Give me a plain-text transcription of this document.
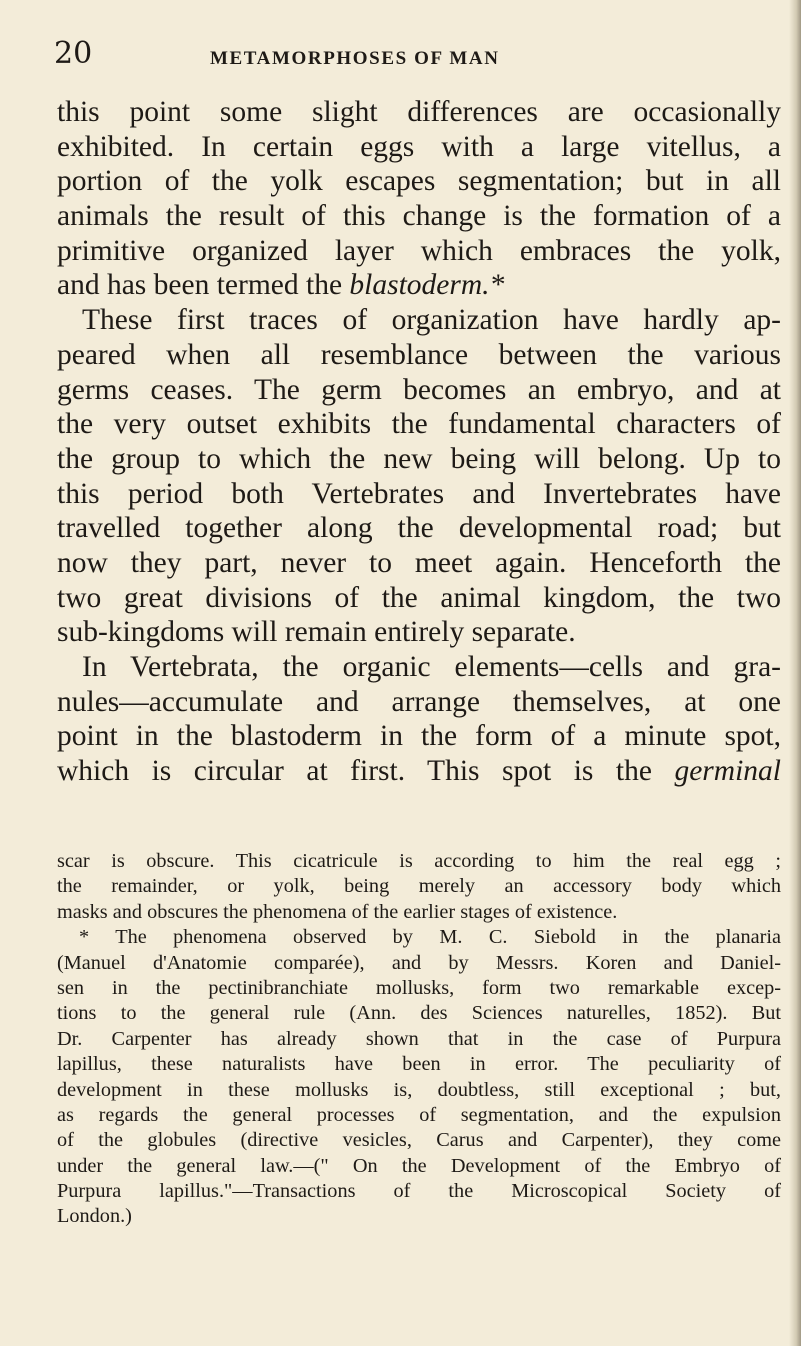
20	METAMORPHOSES OF MAN
this point some slight differences are occasionally
exhibited. In certain eggs with a large vitellus, a
portion of the yolk escapes segmentation; but in all
animals the result of this change is the formation of a
primitive organized layer which embraces the yolk,
and has been termed the blastoderm.*
These first traces of organization have hardly ap-
peared when all resemblance between the various
germs ceases. The germ becomes an embryo, and at
the very outset exhibits the fundamental characters of
the group to which the new being will belong. Up to
this period both Vertebrates and Invertebrates have
travelled together along the developmental road; but
now they part, never to meet again. Henceforth the
two great divisions of the animal kingdom, the two
sub-kingdoms will remain entirely separate.
In Vertebrata, the organic elements—cells and gra-
nules—accumulate and arrange themselves, at one
point in the blastoderm in the form of a minute spot,
which is circular at first. This spot is the germinal
scar is obscure. This cicatricule is according to him the real egg ;
the remainder, or yolk, being merely an accessory body which
masks and obscures the phenomena of the earlier stages of existence.
* The phenomena observed by M. C. Siebold in the planaria
(Manuel d'Anatomie comparée), and by Messrs. Koren and Daniel-
sen in the pectinibranchiate mollusks, form two remarkable excep-
tions to the general rule (Ann. des Sciences naturelles, 1852). But
Dr. Carpenter has already shown that in the case of Purpura
lapillus, these naturalists have been in error. The peculiarity of
development in these mollusks is, doubtless, still exceptional ; but,
as regards the general processes of segmentation, and the expulsion
of the globules (directive vesicles, Carus and Carpenter), they come
under the general law.—(" On the Development of the Embryo of
Purpura lapillus."—Transactions of the Microscopical Society of
London.)
